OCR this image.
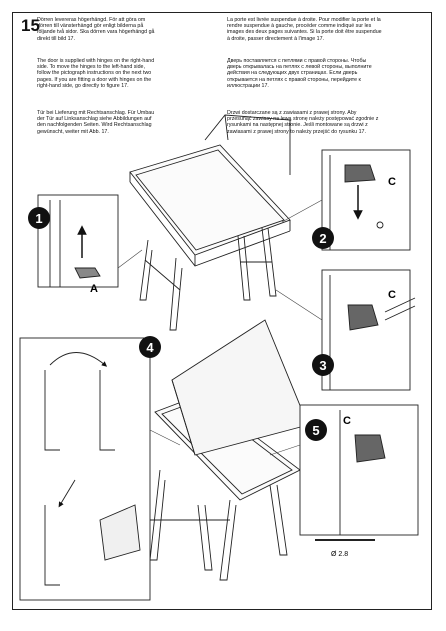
15
Dörren levereras högerhängd. För att göra om
dörren till vänsterhängd gör enligt bilderna på
följande två sidor. Ska dörren vara högerhängd gå
direkt till bild 17.
The door is supplied with hinges on the right-hand
side. To move the hinges to the left-hand side,
follow the pictograph instructions on the next two
pages. If you are fitting a door with hinges on the
right-hand side, go directly to figure 17.
Tür bei Lieferung mit Rechtsanschlag. Für Umbau
der Tür auf Linksanschlag siehe Abbildungen auf
den nachfolgenden Seiten. Wird Rechtsanschlag
gewünscht, weiter mit Abb. 17.
La porte est livrée suspendue à droite. Pour modifier la porte et la
rendre suspendue à gauche, procéder comme indiqué sur les
images des deux pages suivantes. Si la porte doit être suspendue
à droite, passer directement à l'image 17.
Дверь поставляется с петлями с правой стороны. Чтобы
дверь открывалась на петлях с левой стороны, выполните
действия на следующих двух страницах. Если дверь
открывается на петлях с правой стороны, перейдите к
иллюстрации 17.
Drzwi dostarczane są z zawiasami z prawej strony. Aby
przesunąć zawiasy na lewą stronę należy postępować zgodnie z
rysunkami na następnej stronie. Jeśli montowane są drzwi z
zawiasami z prawej strony to należy przejść do rysunku 17.
1
2
3
4
5
A
C
C
C
Ø 2.8
